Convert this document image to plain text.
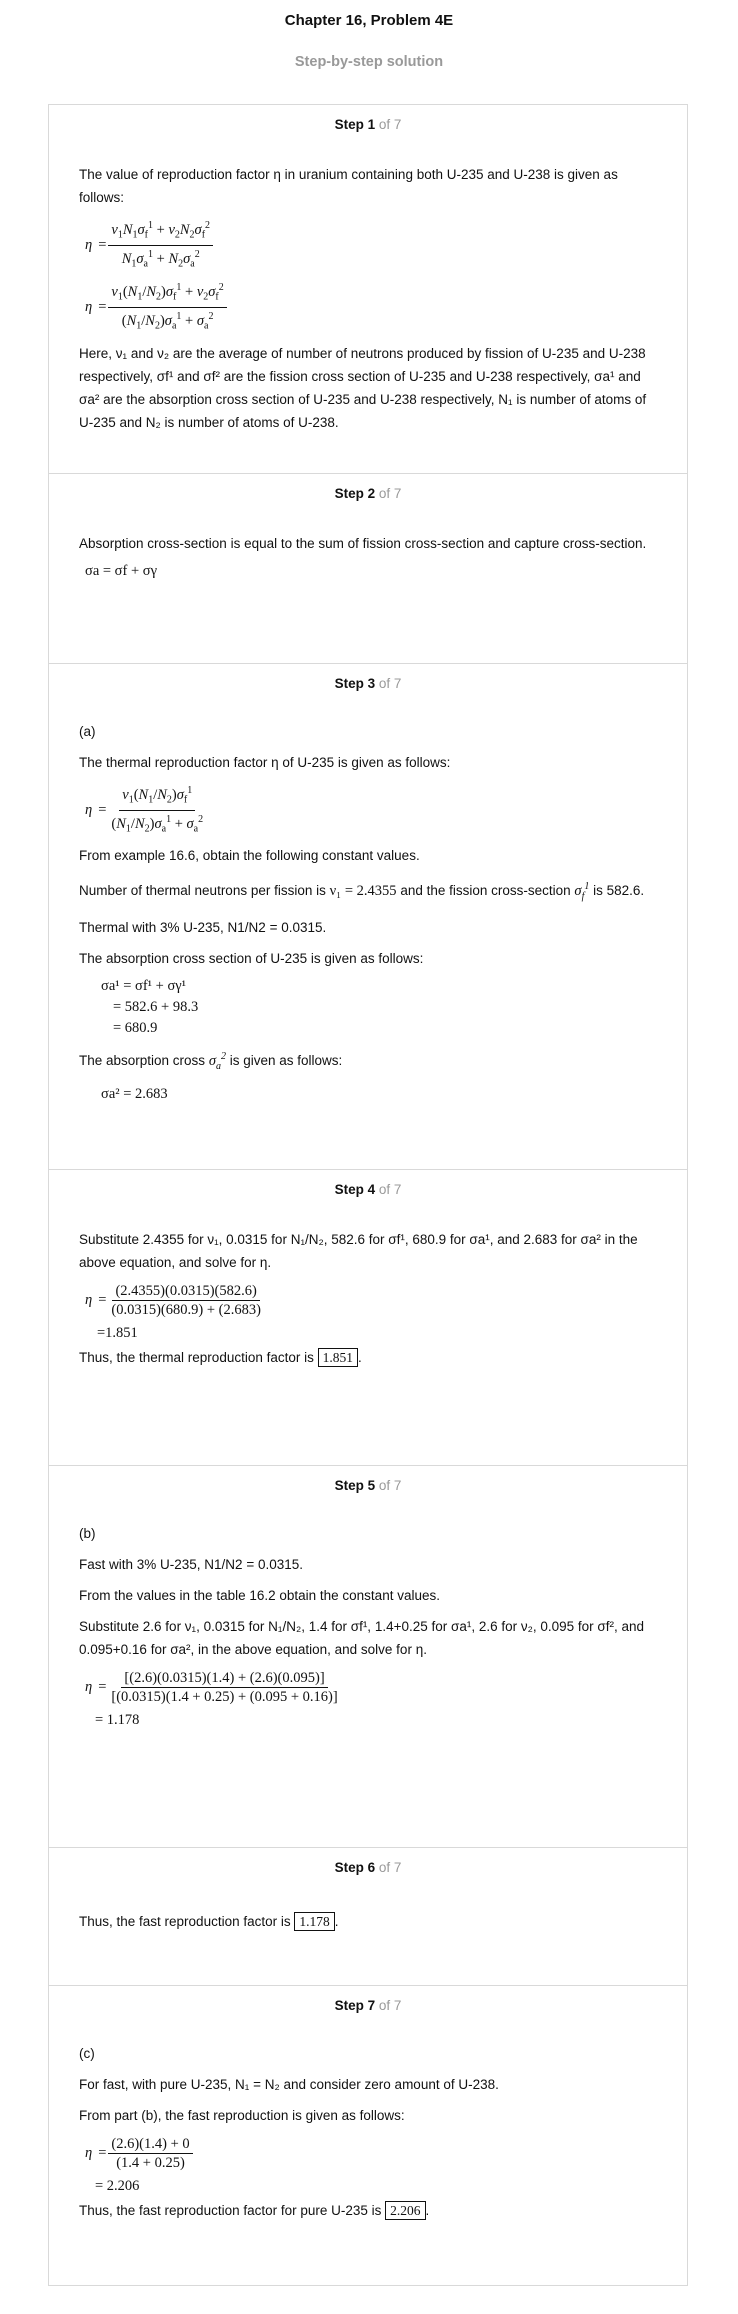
Chapter 16, Problem 4E
Step-by-step solution
Step 1 of 7

The value of reproduction factor η in uranium containing both U-235 and U-238 is given as follows:

$\eta = \frac{\nu_1N_1\sigma_f^1 + \nu_2N_2\sigma_f^2}{N_1\sigma_a^1 + N_2\sigma_a^2}$
$\eta = \frac{\nu_1(N_1/N_2)\sigma_f^1 + \nu_2\sigma_f^2}{(N_1/N_2)\sigma_a^1 + \sigma_a^2}$

Here, ν₁ and ν₂ are the average of number of neutrons produced by fission of U-235 and U-238 respectively, σf¹ and σf² are the fission cross section of U-235 and U-238 respectively, σa¹ and σa² are the absorption cross section of U-235 and U-238 respectively, N₁ is number of atoms of U-235 and N₂ is number of atoms of U-238.

Step 2 of 7

Absorption cross-section is equal to the sum of fission cross-section and capture cross-section.

σa = σf + σγ
Step 3 of 7

(a)

The thermal reproduction factor η of U-235 is given as follows:

$\eta = \frac{\nu_1(N_1/N_2)\sigma_f^1}{(N_1/N_2)\sigma_a^1 + \sigma_a^2}$

From example 16.6, obtain the following constant values.

Number of thermal neutrons per fission is ν₁ = 2.4355 and the fission cross-section $\sigma_f^1$ is 582.6.

Thermal with 3% U-235, N1/N2 = 0.0315.

The absorption cross section of U-235 is given as follows:

σa¹ = σf¹ + σγ¹
= 582.6 + 98.3
= 680.9

The absorption cross $\sigma_a^2$ is given as follows:

σa² = 2.683
Step 4 of 7

Substitute 2.4355 for ν₁, 0.0315 for N₁/N₂, 582.6 for σf¹, 680.9 for σa¹, and 2.683 for σa² in the above equation, and solve for η.

$\eta = \frac{(2.4355)(0.0315)(582.6)}{(0.0315)(680.9) + (2.683)}$
=1.851

Thus, the thermal reproduction factor is 1.851 .

Step 5 of 7

(b)

Fast with 3% U-235, N1/N2 = 0.0315.

From the values in the table 16.2 obtain the constant values.

Substitute 2.6 for ν₁, 0.0315 for N₁/N₂, 1.4 for σf¹, 1.4+0.25 for σa¹, 2.6 for ν₂, 0.095 for σf², and 0.095+0.16 for σa², in the above equation, and solve for η.

$\eta = \frac{[(2.6)(0.0315)(1.4) + (2.6)(0.095)]}{[(0.0315)(1.4 + 0.25) + (0.095 + 0.16)]}$
= 1.178
Step 6 of 7

Thus, the fast reproduction factor is 1.178 .

Step 7 of 7

(c)

For fast, with pure U-235, N₁ = N₂ and consider zero amount of U-238.

From part (b), the fast reproduction is given as follows:

$\eta = \frac{(2.6)(1.4) + 0}{(1.4 + 0.25)}$
= 2.206

Thus, the fast reproduction factor for pure U-235 is 2.206 .
